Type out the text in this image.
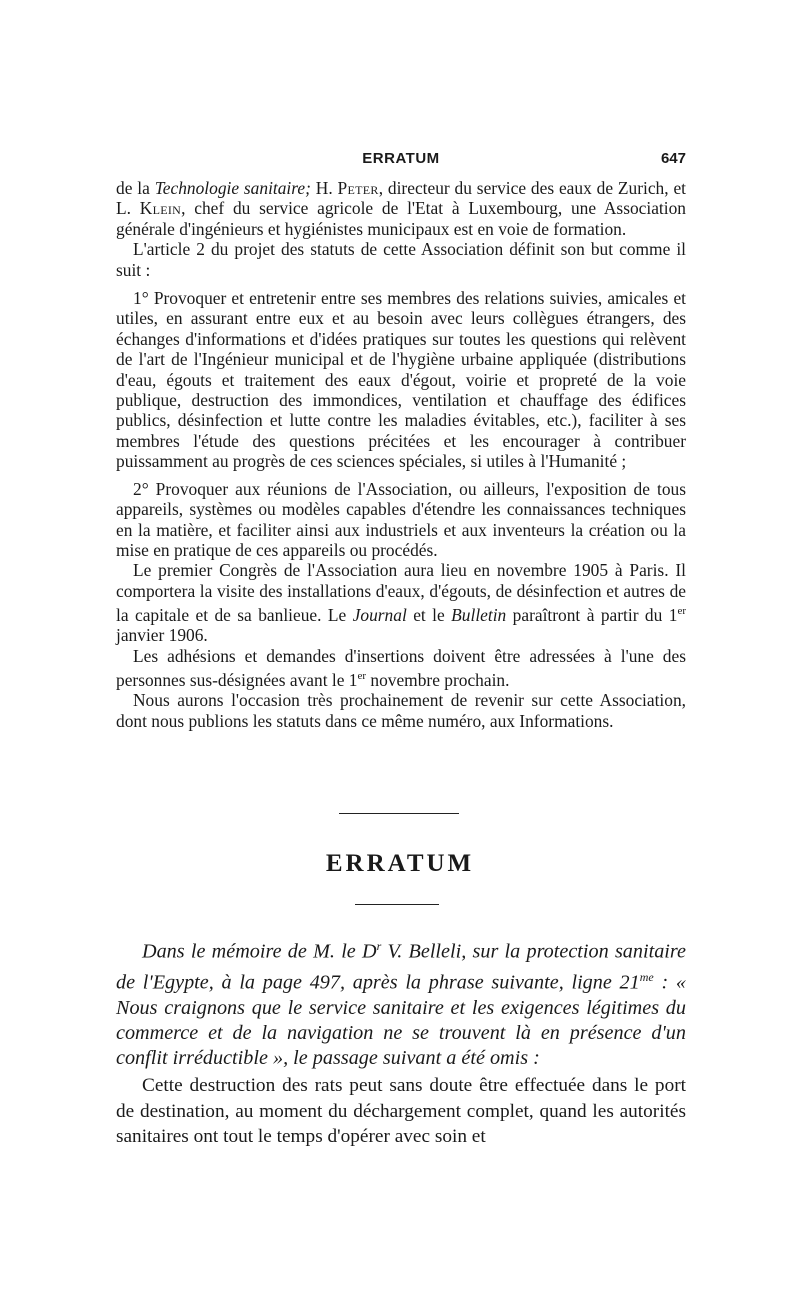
ERRATUM	647

de la Technologie sanitaire; H. Peter, directeur du service des eaux de Zurich, et L. Klein, chef du service agricole de l'Etat à Luxembourg, une Association générale d'ingénieurs et hygiénistes municipaux est en voie de formation.

L'article 2 du projet des statuts de cette Association définit son but comme il suit :

1° Provoquer et entretenir entre ses membres des relations suivies, amicales et utiles, en assurant entre eux et au besoin avec leurs collègues étrangers, des échanges d'informations et d'idées pratiques sur toutes les questions qui relèvent de l'art de l'Ingénieur municipal et de l'hygiène urbaine appliquée (distributions d'eau, égouts et traitement des eaux d'égout, voirie et propreté de la voie publique, destruction des immondices, ventilation et chauffage des édifices publics, désinfection et lutte contre les maladies évitables, etc.), faciliter à ses membres l'étude des questions précitées et les encourager à contribuer puissamment au progrès de ces sciences spéciales, si utiles à l'Humanité ;

2° Provoquer aux réunions de l'Association, ou ailleurs, l'exposition de tous appareils, systèmes ou modèles capables d'étendre les connaissances techniques en la matière, et faciliter ainsi aux industriels et aux inventeurs la création ou la mise en pratique de ces appareils ou procédés.

Le premier Congrès de l'Association aura lieu en novembre 1905 à Paris. Il comportera la visite des installations d'eaux, d'égouts, de désinfection et autres de la capitale et de sa banlieue. Le Journal et le Bulletin paraîtront à partir du 1er janvier 1906.

Les adhésions et demandes d'insertions doivent être adressées à l'une des personnes sus-désignées avant le 1er novembre prochain.

Nous aurons l'occasion très prochainement de revenir sur cette Association, dont nous publions les statuts dans ce même numéro, aux Informations.

ERRATUM
Dans le mémoire de M. le $D^r$ V. Belleli, sur la protection sanitaire de l'Egypte, à la page 497, après la phrase suivante, ligne $21^{me}$ : « Nous craignons que le service sanitaire et les exigences légitimes du commerce et de la navigation ne se trouvent là en présence d'un conflit irréductible », le passage suivant a été omis :
Cette destruction des rats peut sans doute être effectuée dans le port de destination, au moment du déchargement complet, quand les autorités sanitaires ont tout le temps d'opérer avec soin et
